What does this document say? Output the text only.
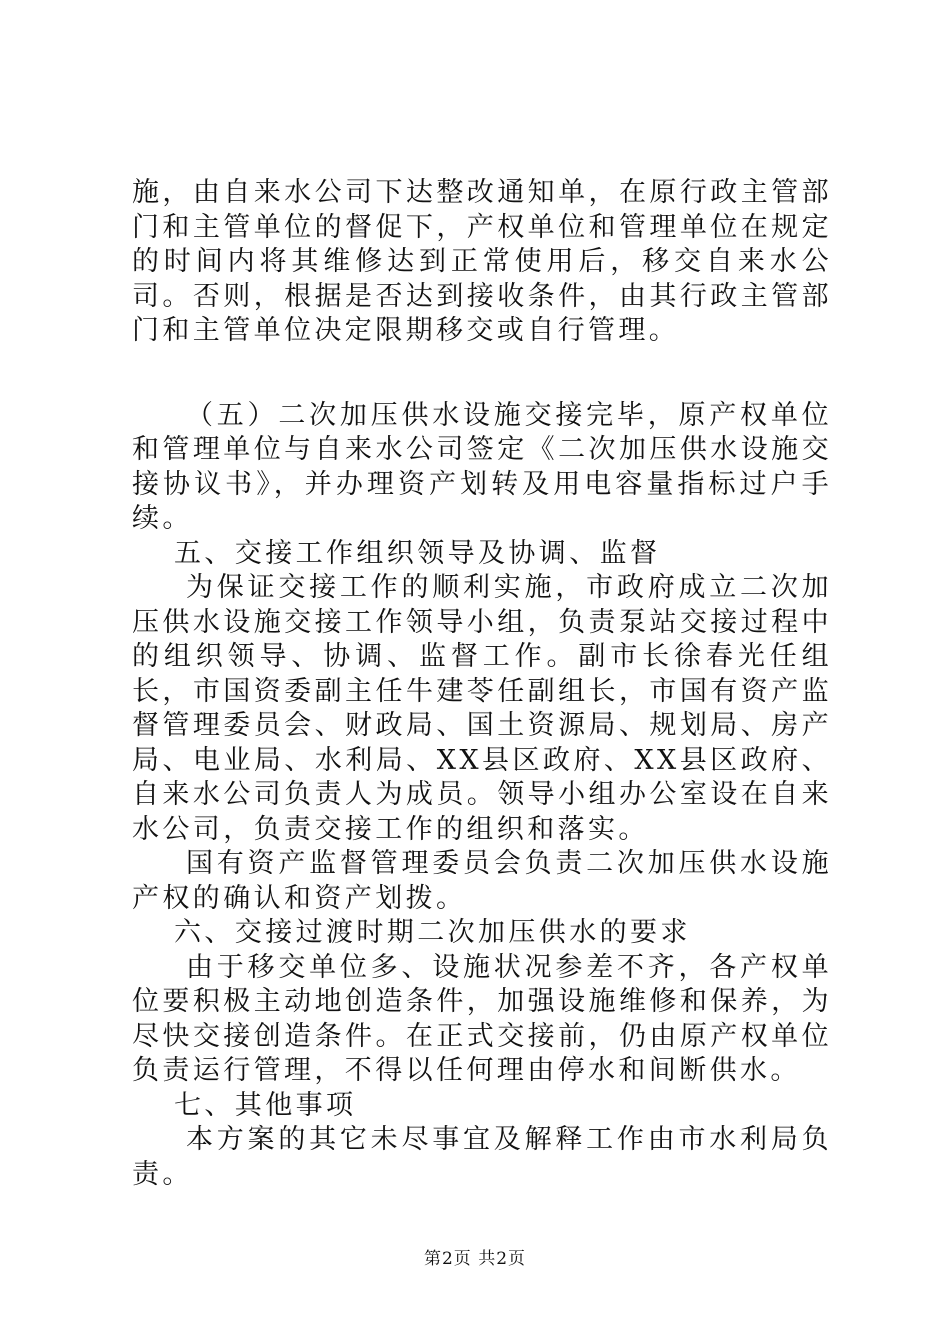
施，由自来水公司下达整改通知单，在原行政主管部门和主管单位的督促下，产权单位和管理单位在规定的时间内将其维修达到正常使用后，移交自来水公司。否则，根据是否达到接收条件，由其行政主管部门和主管单位决定限期移交或自行管理。

（五）二次加压供水设施交接完毕，原产权单位和管理单位与自来水公司签定《二次加压供水设施交接协议书》，并办理资产划转及用电容量指标过户手续。

五、交接工作组织领导及协调、监督

为保证交接工作的顺利实施，市政府成立二次加压供水设施交接工作领导小组，负责泵站交接过程中的组织领导、协调、监督工作。副市长徐春光任组长，市国资委副主任牛建苓任副组长，市国有资产监督管理委员会、财政局、国土资源局、规划局、房产局、电业局、水利局、XX县区政府、XX县区政府、自来水公司负责人为成员。领导小组办公室设在自来水公司，负责交接工作的组织和落实。

国有资产监督管理委员会负责二次加压供水设施产权的确认和资产划拨。

六、交接过渡时期二次加压供水的要求

由于移交单位多、设施状况参差不齐，各产权单位要积极主动地创造条件，加强设施维修和保养，为尽快交接创造条件。在正式交接前，仍由原产权单位负责运行管理，不得以任何理由停水和间断供水。

七、其他事项

本方案的其它未尽事宜及解释工作由市水利局负责。

第2页 共2页
